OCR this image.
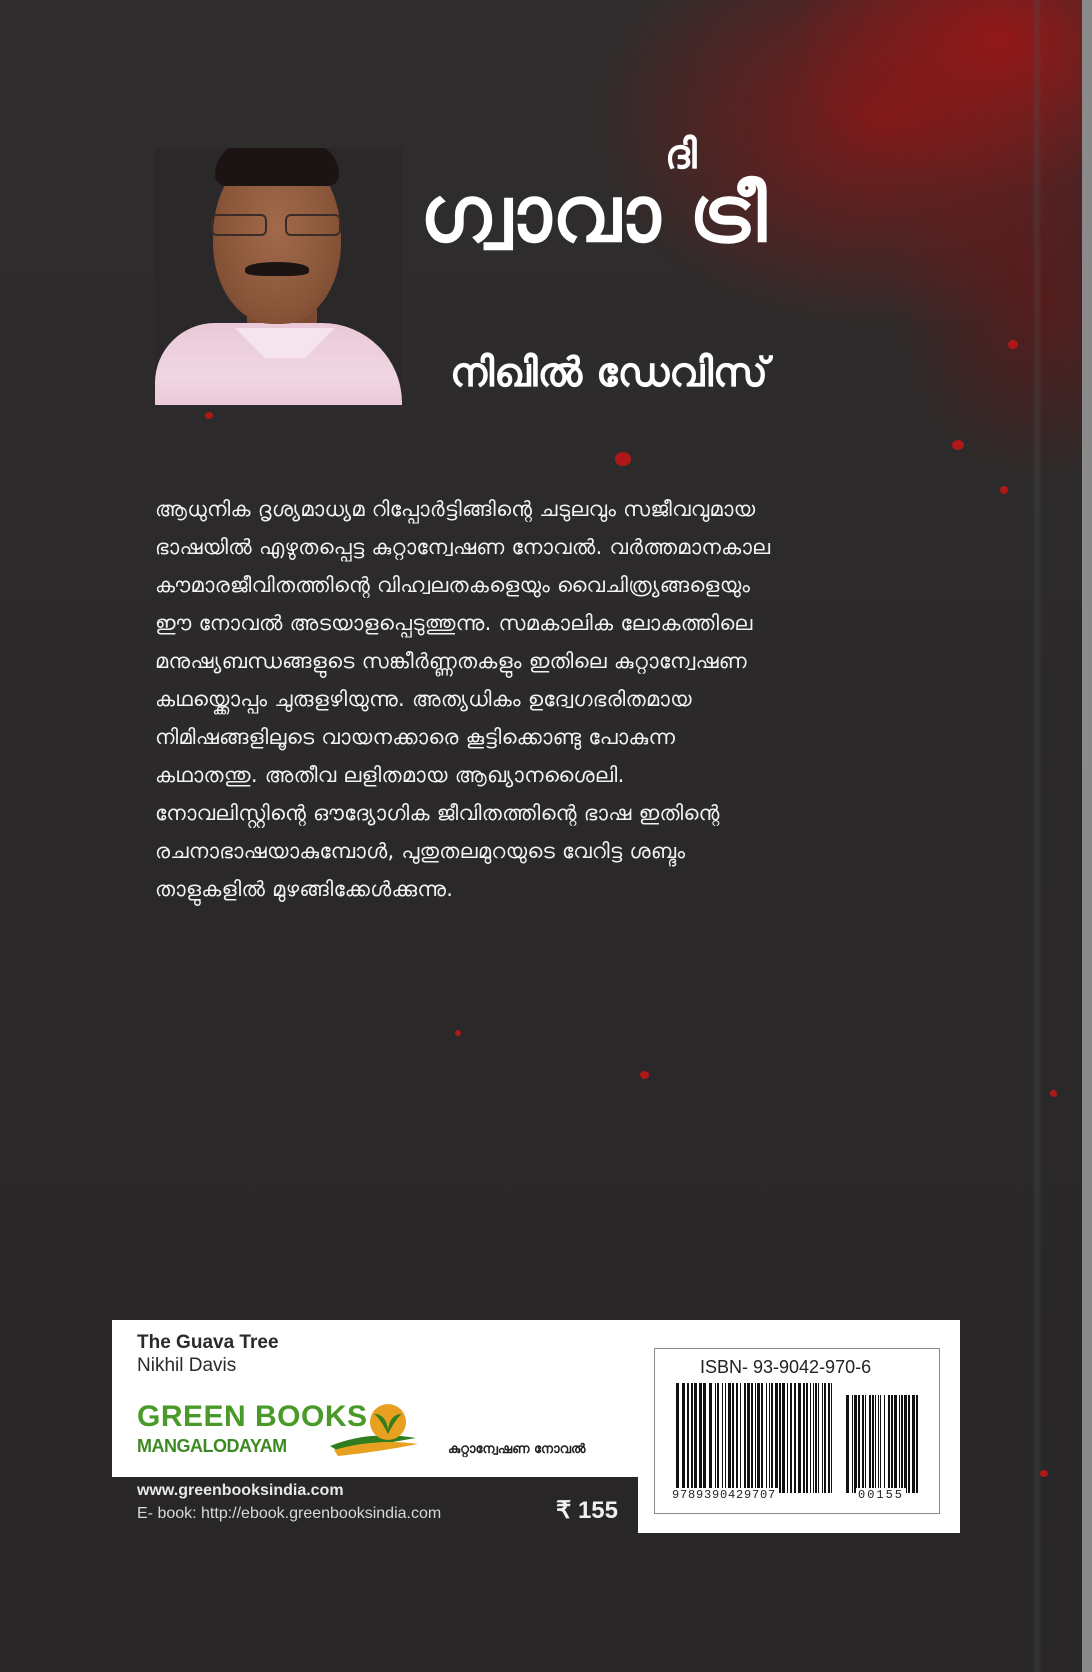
ദി
ഗ്വാവാ ട്രീ
നിഖിൽ ഡേവിസ്
ആധുനിക ദൃശ്യമാധ്യമ റിപ്പോർട്ടിങ്ങിന്റെ ചടുലവും സജീവവുമായ
ഭാഷയിൽ എഴുതപ്പെട്ട കുറ്റാന്വേഷണ നോവൽ. വർത്തമാനകാല
കൗമാരജീവിതത്തിന്റെ വിഹ്വലതകളെയും വൈചിത്ര്യങ്ങളെയും
ഈ നോവൽ അടയാളപ്പെടുത്തുന്നു. സമകാലിക ലോകത്തിലെ
മനുഷ്യബന്ധങ്ങളുടെ സങ്കീർണ്ണതകളും ഇതിലെ കുറ്റാന്വേഷണ
കഥയ്ക്കൊപ്പം ചുരുളഴിയുന്നു. അത്യധികം ഉദ്വേഗഭരിതമായ
നിമിഷങ്ങളിലൂടെ വായനക്കാരെ കൂട്ടിക്കൊണ്ടു പോകുന്ന
കഥാതന്തു. അതീവ ലളിതമായ ആഖ്യാനശൈലി.
നോവലിസ്റ്റിന്റെ ഔദ്യോഗിക ജീവിതത്തിന്റെ ഭാഷ ഇതിന്റെ
രചനാഭാഷയാകുമ്പോൾ, പുതുതലമുറയുടെ വേറിട്ട ശബ്ദം
താളുകളിൽ മുഴങ്ങിക്കേൾക്കുന്നു.
The Guava Tree
Nikhil Davis
GREEN BOOKS
MANGALODAYAM	കുറ്റാന്വേഷണ നോവൽ
www.greenbooksindia.com
E- book: http://ebook.greenbooksindia.com	₹ 155
ISBN- 93-9042-970-6
9789390429707	00155
